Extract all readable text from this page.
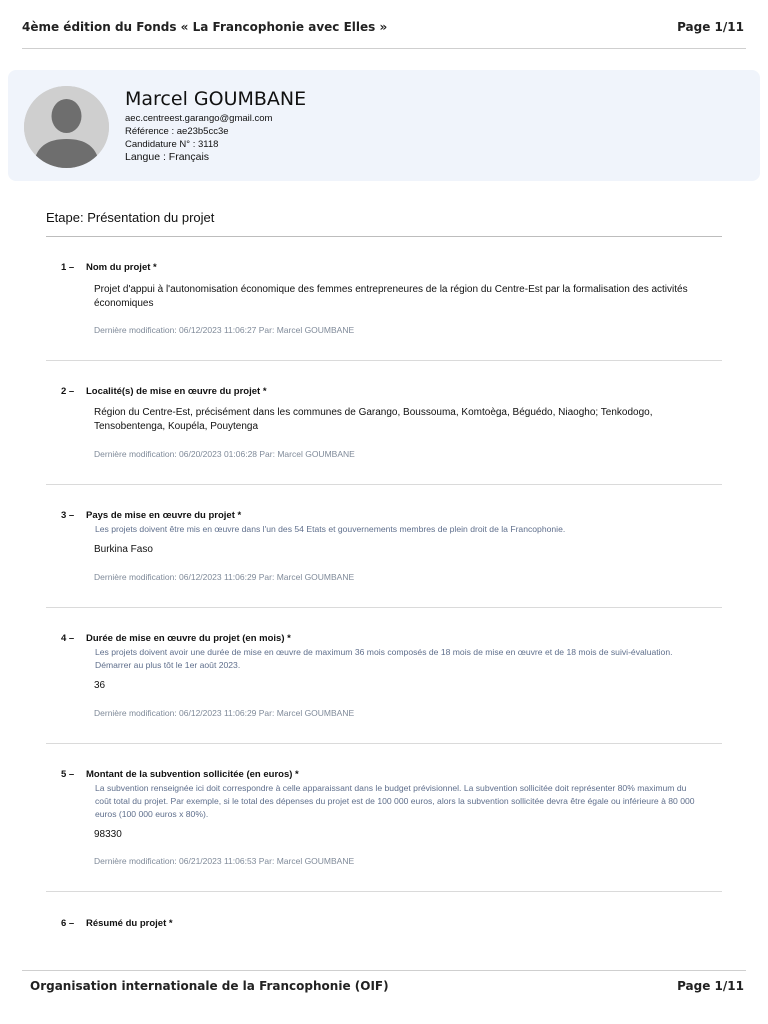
4ème édition du Fonds « La Francophonie avec Elles »	Page 1/11
Marcel GOUMBANE
aec.centreest.garango@gmail.com
Référence : ae23b5cc3e
Candidature N° : 3118
Langue : Français
Etape: Présentation du projet
1 – Nom du projet *
Projet d'appui à l'autonomisation économique des femmes entrepreneures de la région du Centre-Est par la formalisation des activités économiques
Dernière modification: 06/12/2023 11:06:27 Par: Marcel GOUMBANE
2 – Localité(s) de mise en œuvre du projet *
Région du Centre-Est, précisément dans les communes de Garango, Boussouma, Komtoèga, Béguédo, Niaogho; Tenkodogo, Tensobentenga, Koupéla, Pouytenga
Dernière modification: 06/20/2023 01:06:28 Par: Marcel GOUMBANE
3 – Pays de mise en œuvre du projet *
Les projets doivent être mis en œuvre dans l'un des 54 Etats et gouvernements membres de plein droit de la Francophonie.
Burkina Faso
Dernière modification: 06/12/2023 11:06:29 Par: Marcel GOUMBANE
4 – Durée de mise en œuvre du projet (en mois) *
Les projets doivent avoir une durée de mise en œuvre de maximum 36 mois composés de 18 mois de mise en œuvre et de 18 mois de suivi-évaluation. Démarrer au plus tôt le 1er août 2023.
36
Dernière modification: 06/12/2023 11:06:29 Par: Marcel GOUMBANE
5 – Montant de la subvention sollicitée (en euros) *
La subvention renseignée ici doit correspondre à celle apparaissant dans le budget prévisionnel. La subvention sollicitée doit représenter 80% maximum du coût total du projet. Par exemple, si le total des dépenses du projet est de 100 000 euros, alors la subvention sollicitée devra être égale ou inférieure à 80 000 euros (100 000 euros x 80%).
98330
Dernière modification: 06/21/2023 11:06:53 Par: Marcel GOUMBANE
6 – Résumé du projet *
Organisation internationale de la Francophonie (OIF)	Page 1/11
